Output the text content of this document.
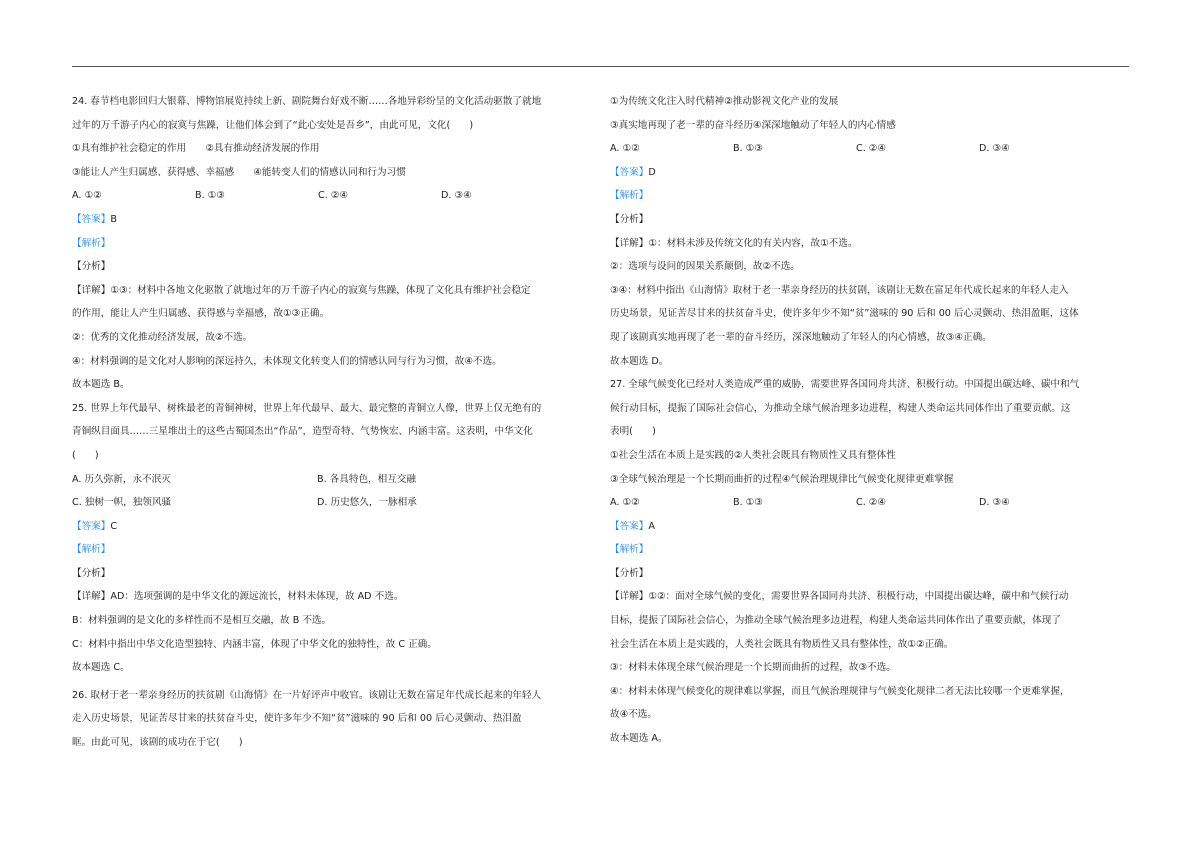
24. 春节档电影回归大银幕、博物馆展览持续上新、剧院舞台好戏不断……各地异彩纷呈的文化活动驱散了就地
过年的万千游子内心的寂寞与焦躁，让他们体会到了“此心安处是吾乡”，由此可见，文化(　　)
①具有维护社会稳定的作用　　②具有推动经济发展的作用
③能让人产生归属感、获得感、幸福感　　④能转变人们的情感认同和行为习惯
A. ①②	B. ①③	C. ②④	D. ③④
【答案】B
【解析】
【分析】
【详解】①③：材料中各地文化驱散了就地过年的万千游子内心的寂寞与焦躁，体现了文化具有维护社会稳定
的作用，能让人产生归属感、获得感与幸福感，故①③正确。
②：优秀的文化推动经济发展，故②不选。
④：材料强调的是文化对人影响的深远持久，未体现文化转变人们的情感认同与行为习惯，故④不选。
故本题选 B。
25. 世界上年代最早、树株最老的青铜神树，世界上年代最早、最大、最完整的青铜立人像，世界上仅无绝有的
青铜纵目面具……三星堆出土的这些古蜀国杰出“作品”，造型奇特、气势恢宏、内涵丰富。这表明，中华文化
(　　)
A. 历久弥新，永不泯灭	B. 各具特色，相互交融
C. 独树一帜，独领风骚	D. 历史悠久，一脉相承
【答案】C
【解析】
【分析】
【详解】AD：选项强调的是中华文化的源远流长，材料未体现，故 AD 不选。
B：材料强调的是文化的多样性而不是相互交融，故 B 不选。
C：材料中指出中华文化造型独特、内涵丰富，体现了中华文化的独特性，故 C 正确。
故本题选 C。
26. 取材于老一辈亲身经历的扶贫剧《山海情》在一片好评声中收官。该剧让无数在富足年代成长起来的年轻人
走入历史场景，见证苦尽甘来的扶贫奋斗史，使许多年少不知“贫”滋味的 90 后和 00 后心灵颤动、热泪盈
眶。由此可见，该剧的成功在于它(　　)
①为传统文化注入时代精神②推动影视文化产业的发展
③真实地再现了老一辈的奋斗经历④深深地触动了年轻人的内心情感
A. ①②	B. ①③	C. ②④	D. ③④
【答案】D
【解析】
【分析】
【详解】①：材料未涉及传统文化的有关内容，故①不选。
②：选项与设问的因果关系颠倒，故②不选。
③④：材料中指出《山海情》取材于老一辈亲身经历的扶贫剧，该剧让无数在富足年代成长起来的年轻人走入
历史场景，见证苦尽甘来的扶贫奋斗史，使许多年少不知“贫”滋味的 90 后和 00 后心灵颤动、热泪盈眶，这体
现了该剧真实地再现了老一辈的奋斗经历，深深地触动了年轻人的内心情感，故③④正确。
故本题选 D。
27. 全球气候变化已经对人类造成严重的威胁，需要世界各国同舟共济、积极行动。中国提出碳达峰、碳中和气
候行动目标，提振了国际社会信心，为推动全球气候治理多边进程，构建人类命运共同体作出了重要贡献。这
表明(　　)
①社会生活在本质上是实践的②人类社会既具有物质性又具有整体性
③全球气候治理是一个长期而曲折的过程④气候治理规律比气候变化规律更难掌握
A. ①②	B. ①③	C. ②④	D. ③④
【答案】A
【解析】
【分析】
【详解】①②：面对全球气候的变化，需要世界各国同舟共济、积极行动，中国提出碳达峰，碳中和气候行动
目标，提振了国际社会信心，为推动全球气候治理多边进程，构建人类命运共同体作出了重要贡献，体现了
社会生活在本质上是实践的，人类社会既具有物质性又具有整体性，故①②正确。
③：材料未体现全球气候治理是一个长期而曲折的过程，故③不选。
④：材料未体现气候变化的规律难以掌握，而且气候治理规律与气候变化规律二者无法比较哪一个更难掌握，
故④不选。
故本题选 A。
